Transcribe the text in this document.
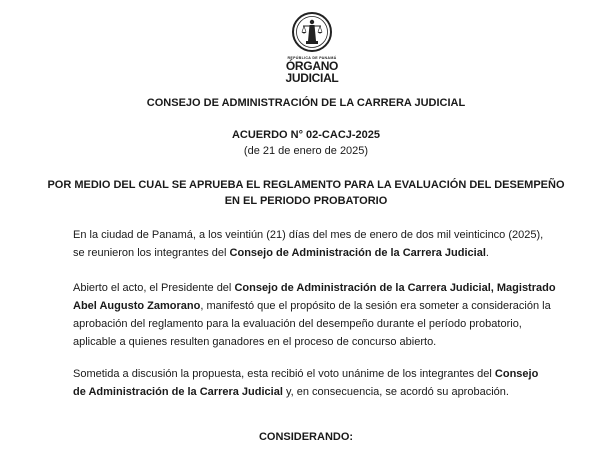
REPÚBLICA DE PANAMÁ
ÓRGANO
JUDICIAL
CONSEJO DE ADMINISTRACIÓN DE LA CARRERA JUDICIAL
ACUERDO N° 02-CACJ-2025
(de 21 de enero de 2025)
POR MEDIO DEL CUAL SE APRUEBA EL REGLAMENTO PARA LA EVALUACIÓN DEL DESEMPEÑO
EN EL PERIODO PROBATORIO
En la ciudad de Panamá, a los veintiún (21) días del mes de enero de dos mil veinticinco (2025),
se reunieron los integrantes del Consejo de Administración de la Carrera Judicial.
Abierto el acto, el Presidente del Consejo de Administración de la Carrera Judicial, Magistrado
Abel Augusto Zamorano, manifestó que el propósito de la sesión era someter a consideración la
aprobación del reglamento para la evaluación del desempeño durante el período probatorio,
aplicable a quienes resulten ganadores en el proceso de concurso abierto.
Sometida a discusión la propuesta, esta recibió el voto unánime de los integrantes del Consejo
de Administración de la Carrera Judicial y, en consecuencia, se acordó su aprobación.
CONSIDERANDO:
